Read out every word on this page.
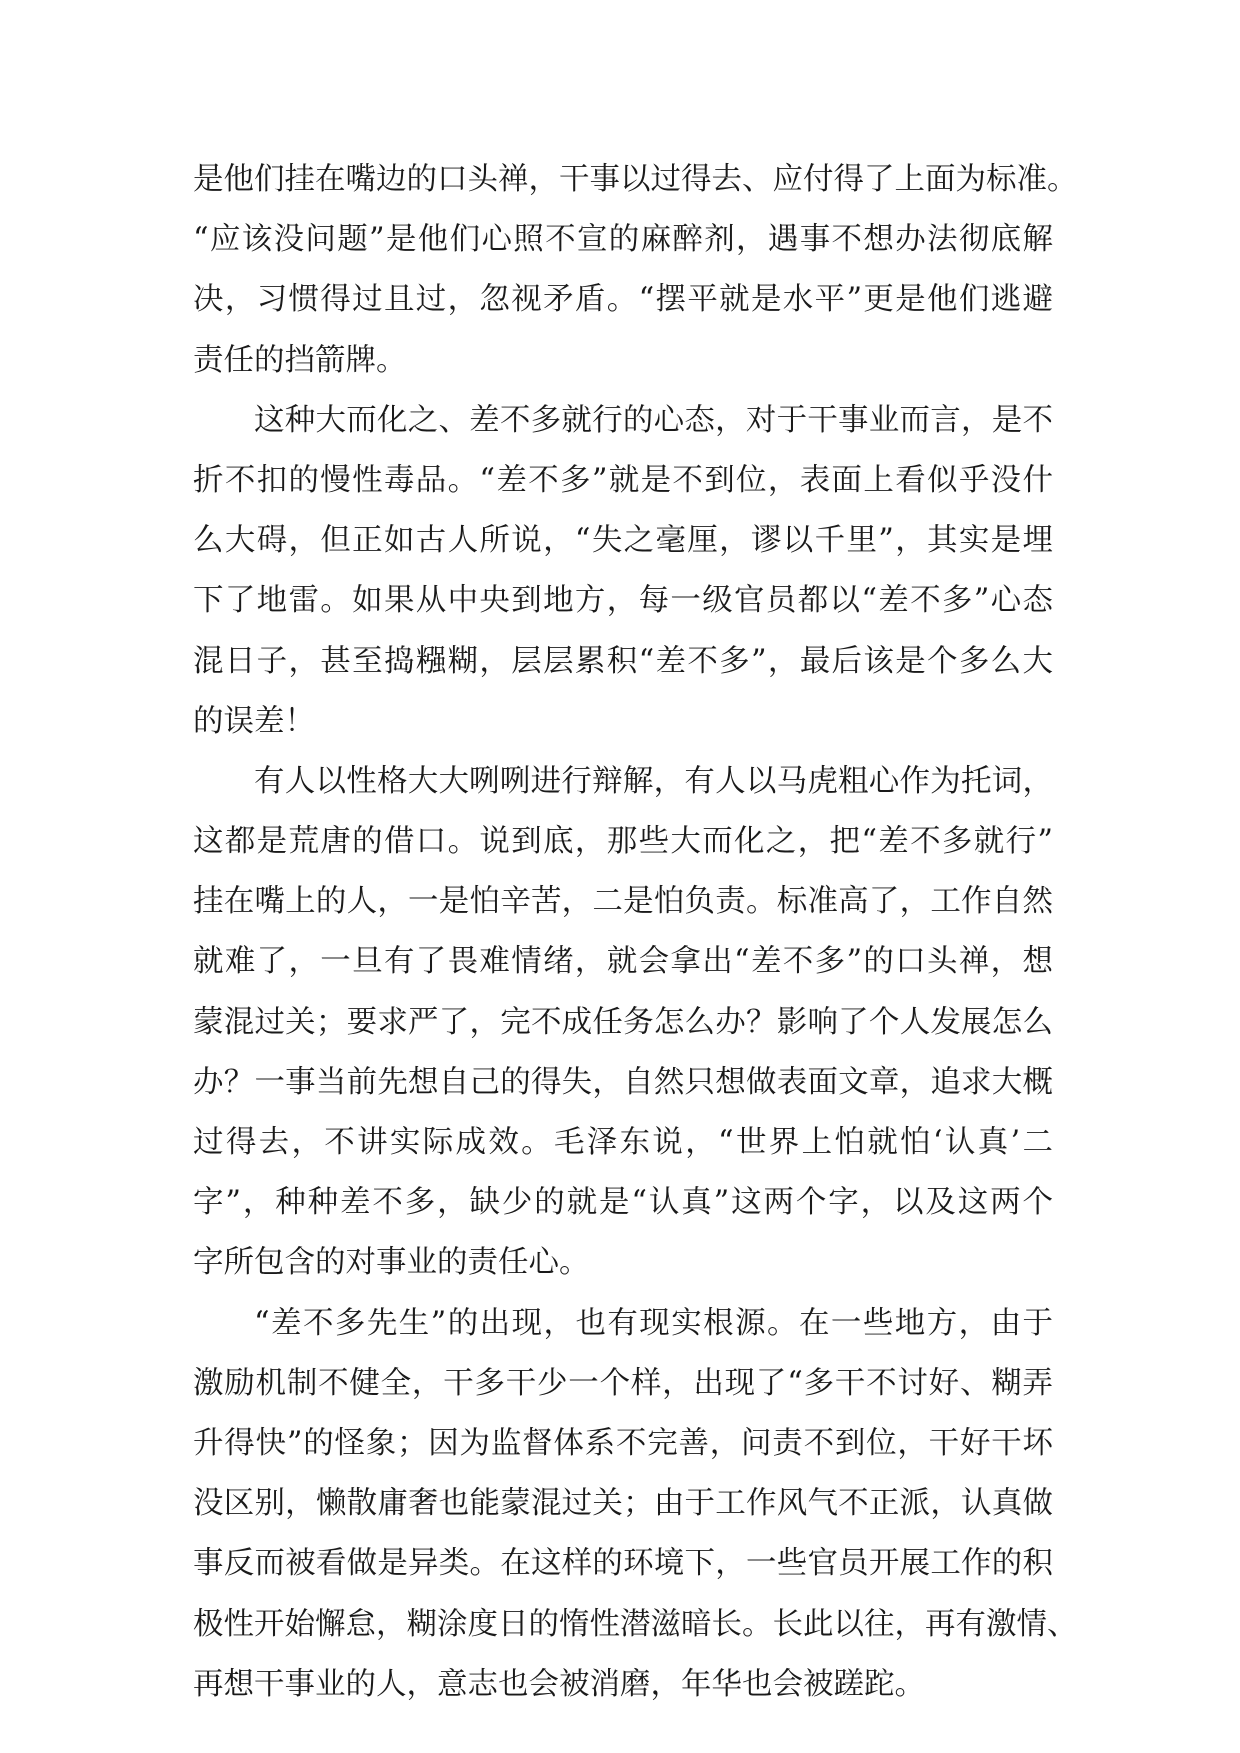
是他们挂在嘴边的口头禅，干事以过得去、应付得了上面为标准。
“应该没问题”是他们心照不宣的麻醉剂，遇事不想办法彻底解
决，习惯得过且过，忽视矛盾。“摆平就是水平”更是他们逃避
责任的挡箭牌。
这种大而化之、差不多就行的心态，对于干事业而言，是不
折不扣的慢性毒品。“差不多”就是不到位，表面上看似乎没什
么大碍，但正如古人所说，“失之毫厘，谬以千里”，其实是埋
下了地雷。如果从中央到地方，每一级官员都以“差不多”心态
混日子，甚至捣糨糊，层层累积“差不多”，最后该是个多么大
的误差！
有人以性格大大咧咧进行辩解，有人以马虎粗心作为托词，
这都是荒唐的借口。说到底，那些大而化之，把“差不多就行”
挂在嘴上的人，一是怕辛苦，二是怕负责。标准高了，工作自然
就难了，一旦有了畏难情绪，就会拿出“差不多”的口头禅，想
蒙混过关；要求严了，完不成任务怎么办？影响了个人发展怎么
办？一事当前先想自己的得失，自然只想做表面文章，追求大概
过得去，不讲实际成效。毛泽东说，“世界上怕就怕‘认真’二
字”，种种差不多，缺少的就是“认真”这两个字，以及这两个
字所包含的对事业的责任心。
“差不多先生”的出现，也有现实根源。在一些地方，由于
激励机制不健全，干多干少一个样，出现了“多干不讨好、糊弄
升得快”的怪象；因为监督体系不完善，问责不到位，干好干坏
没区别，懒散庸奢也能蒙混过关；由于工作风气不正派，认真做
事反而被看做是异类。在这样的环境下，一些官员开展工作的积
极性开始懈怠，糊涂度日的惰性潜滋暗长。长此以往，再有激情、
再想干事业的人，意志也会被消磨，年华也会被蹉跎。
